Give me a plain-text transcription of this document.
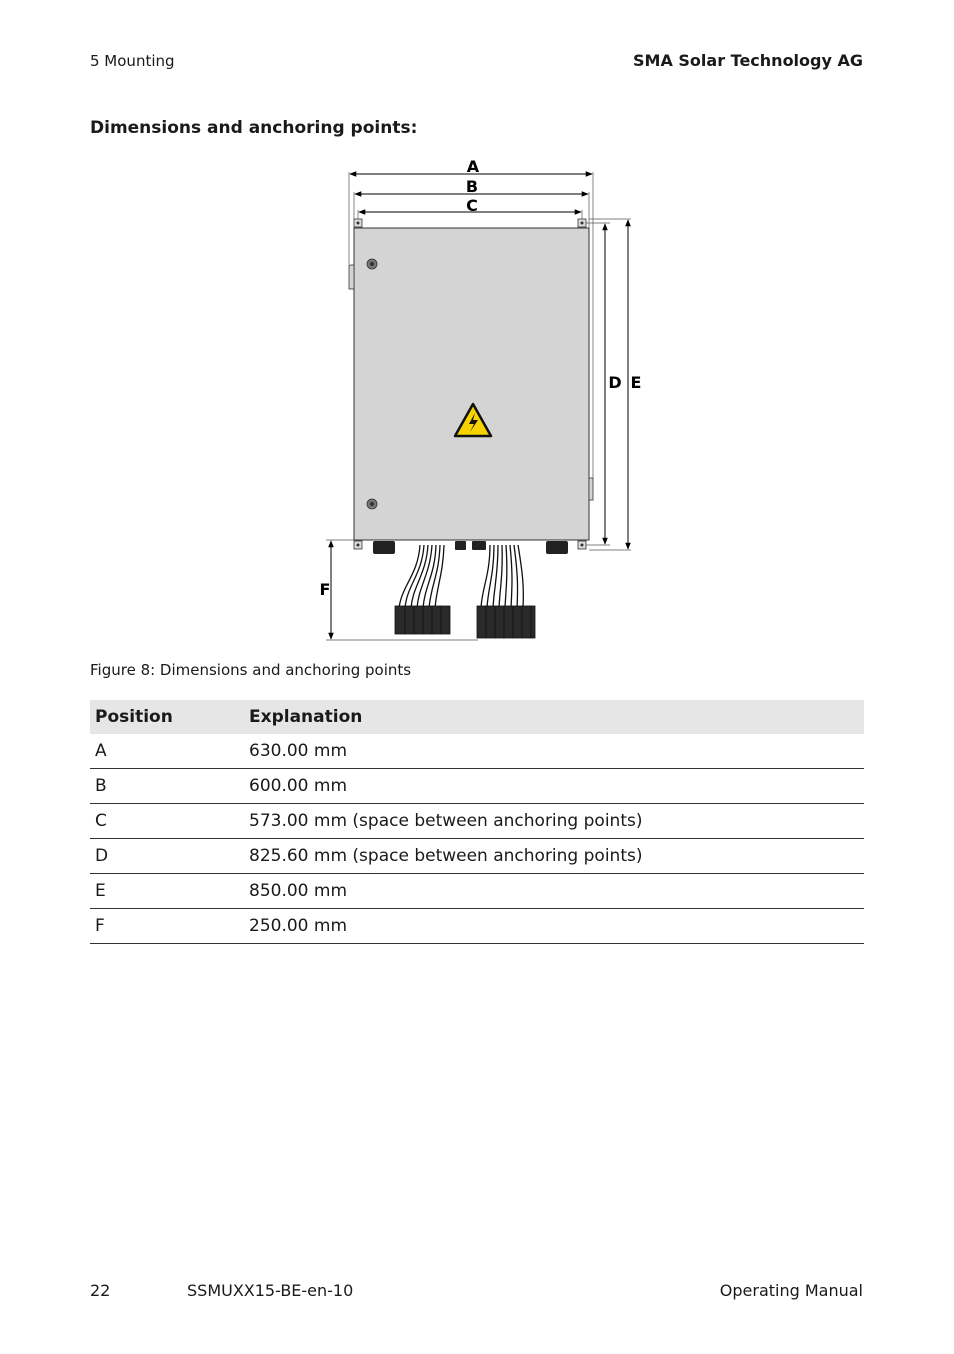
5 Mounting	SMA Solar Technology AG
Dimensions and anchoring points:
A
B
C
D E
F
Figure 8: Dimensions and anchoring points
Position	Explanation
A	630.00 mm
B	600.00 mm
C	573.00 mm (space between anchoring points)
D	825.60 mm (space between anchoring points)
E	850.00 mm
F	250.00 mm
22	SSMUXX15-BE-en-10	Operating Manual
